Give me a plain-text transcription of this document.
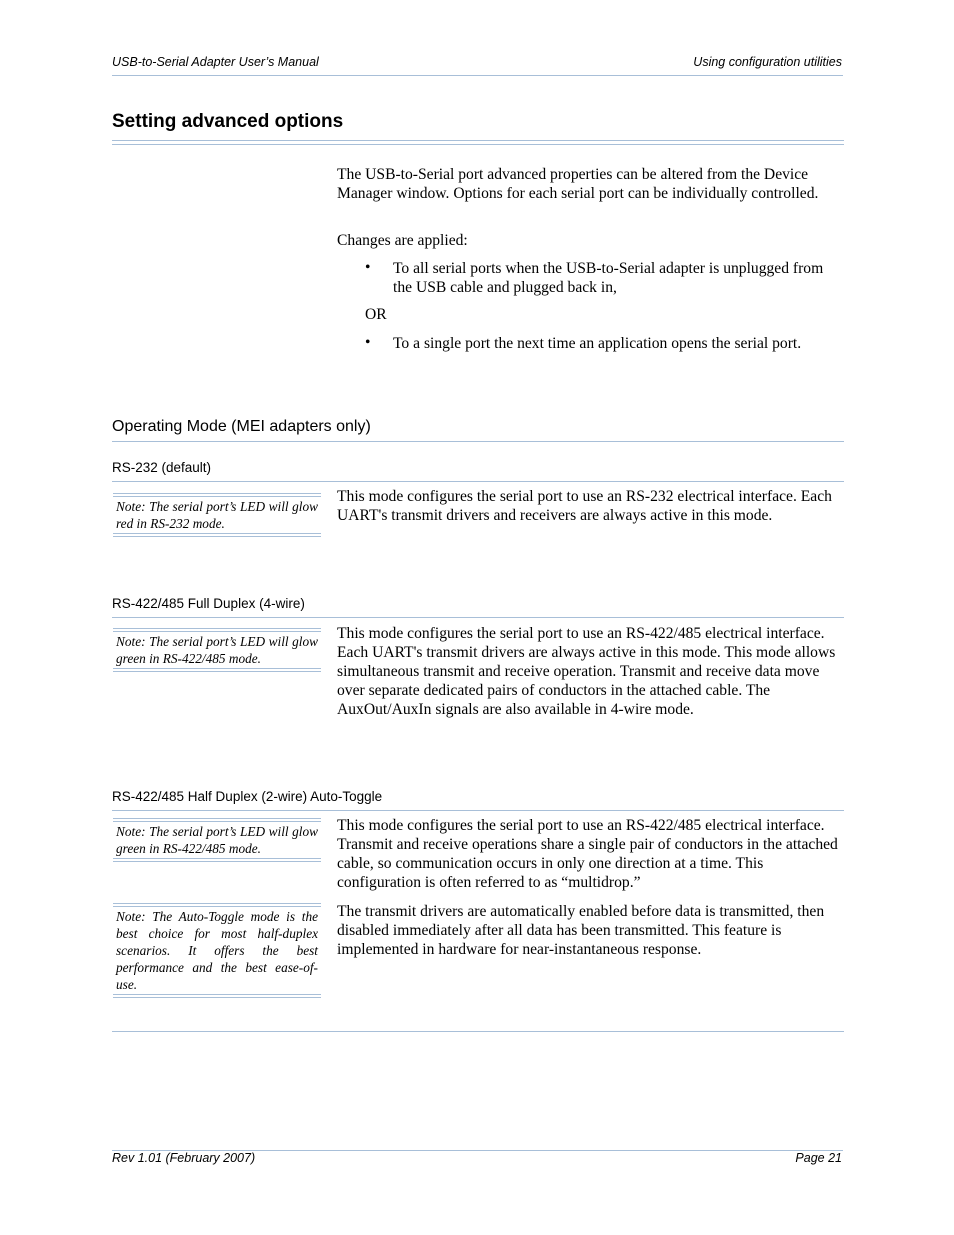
USB-to-Serial Adapter User’s Manual	Using configuration utilities
Setting advanced options

The USB-to-Serial port advanced properties can be altered from the Device Manager window. Options for each serial port can be individually controlled.

Changes are applied:
• To all serial ports when the USB-to-Serial adapter is unplugged from the USB cable and plugged back in,
OR
• To a single port the next time an application opens the serial port.
Operating Mode (MEI adapters only)
RS-232 (default)
Note: The serial port’s LED will glow red in RS-232 mode.

This mode configures the serial port to use an RS-232 electrical interface. Each UART's transmit drivers and receivers are always active in this mode.

RS-422/485 Full Duplex (4-wire)
Note: The serial port’s LED will glow green in RS-422/485 mode.

This mode configures the serial port to use an RS-422/485 electrical interface. Each UART's transmit drivers are always active in this mode. This mode allows simultaneous transmit and receive operation. Transmit and receive data move over separate dedicated pairs of conductors in the attached cable. The AuxOut/AuxIn signals are also available in 4-wire mode.

RS-422/485 Half Duplex (2-wire) Auto-Toggle
Note: The serial port’s LED will glow green in RS-422/485 mode.
Note: The Auto-Toggle mode is the best choice for most half-duplex scenarios. It offers the best performance and the best ease-of-use.

This mode configures the serial port to use an RS-422/485 electrical interface. Transmit and receive operations share a single pair of conductors in the attached cable, so communication occurs in only one direction at a time. This configuration is often referred to as “multidrop.”

The transmit drivers are automatically enabled before data is transmitted, then disabled immediately after all data has been transmitted. This feature is implemented in hardware for near-instantaneous response.

Rev 1.01 (February 2007)	Page 21
